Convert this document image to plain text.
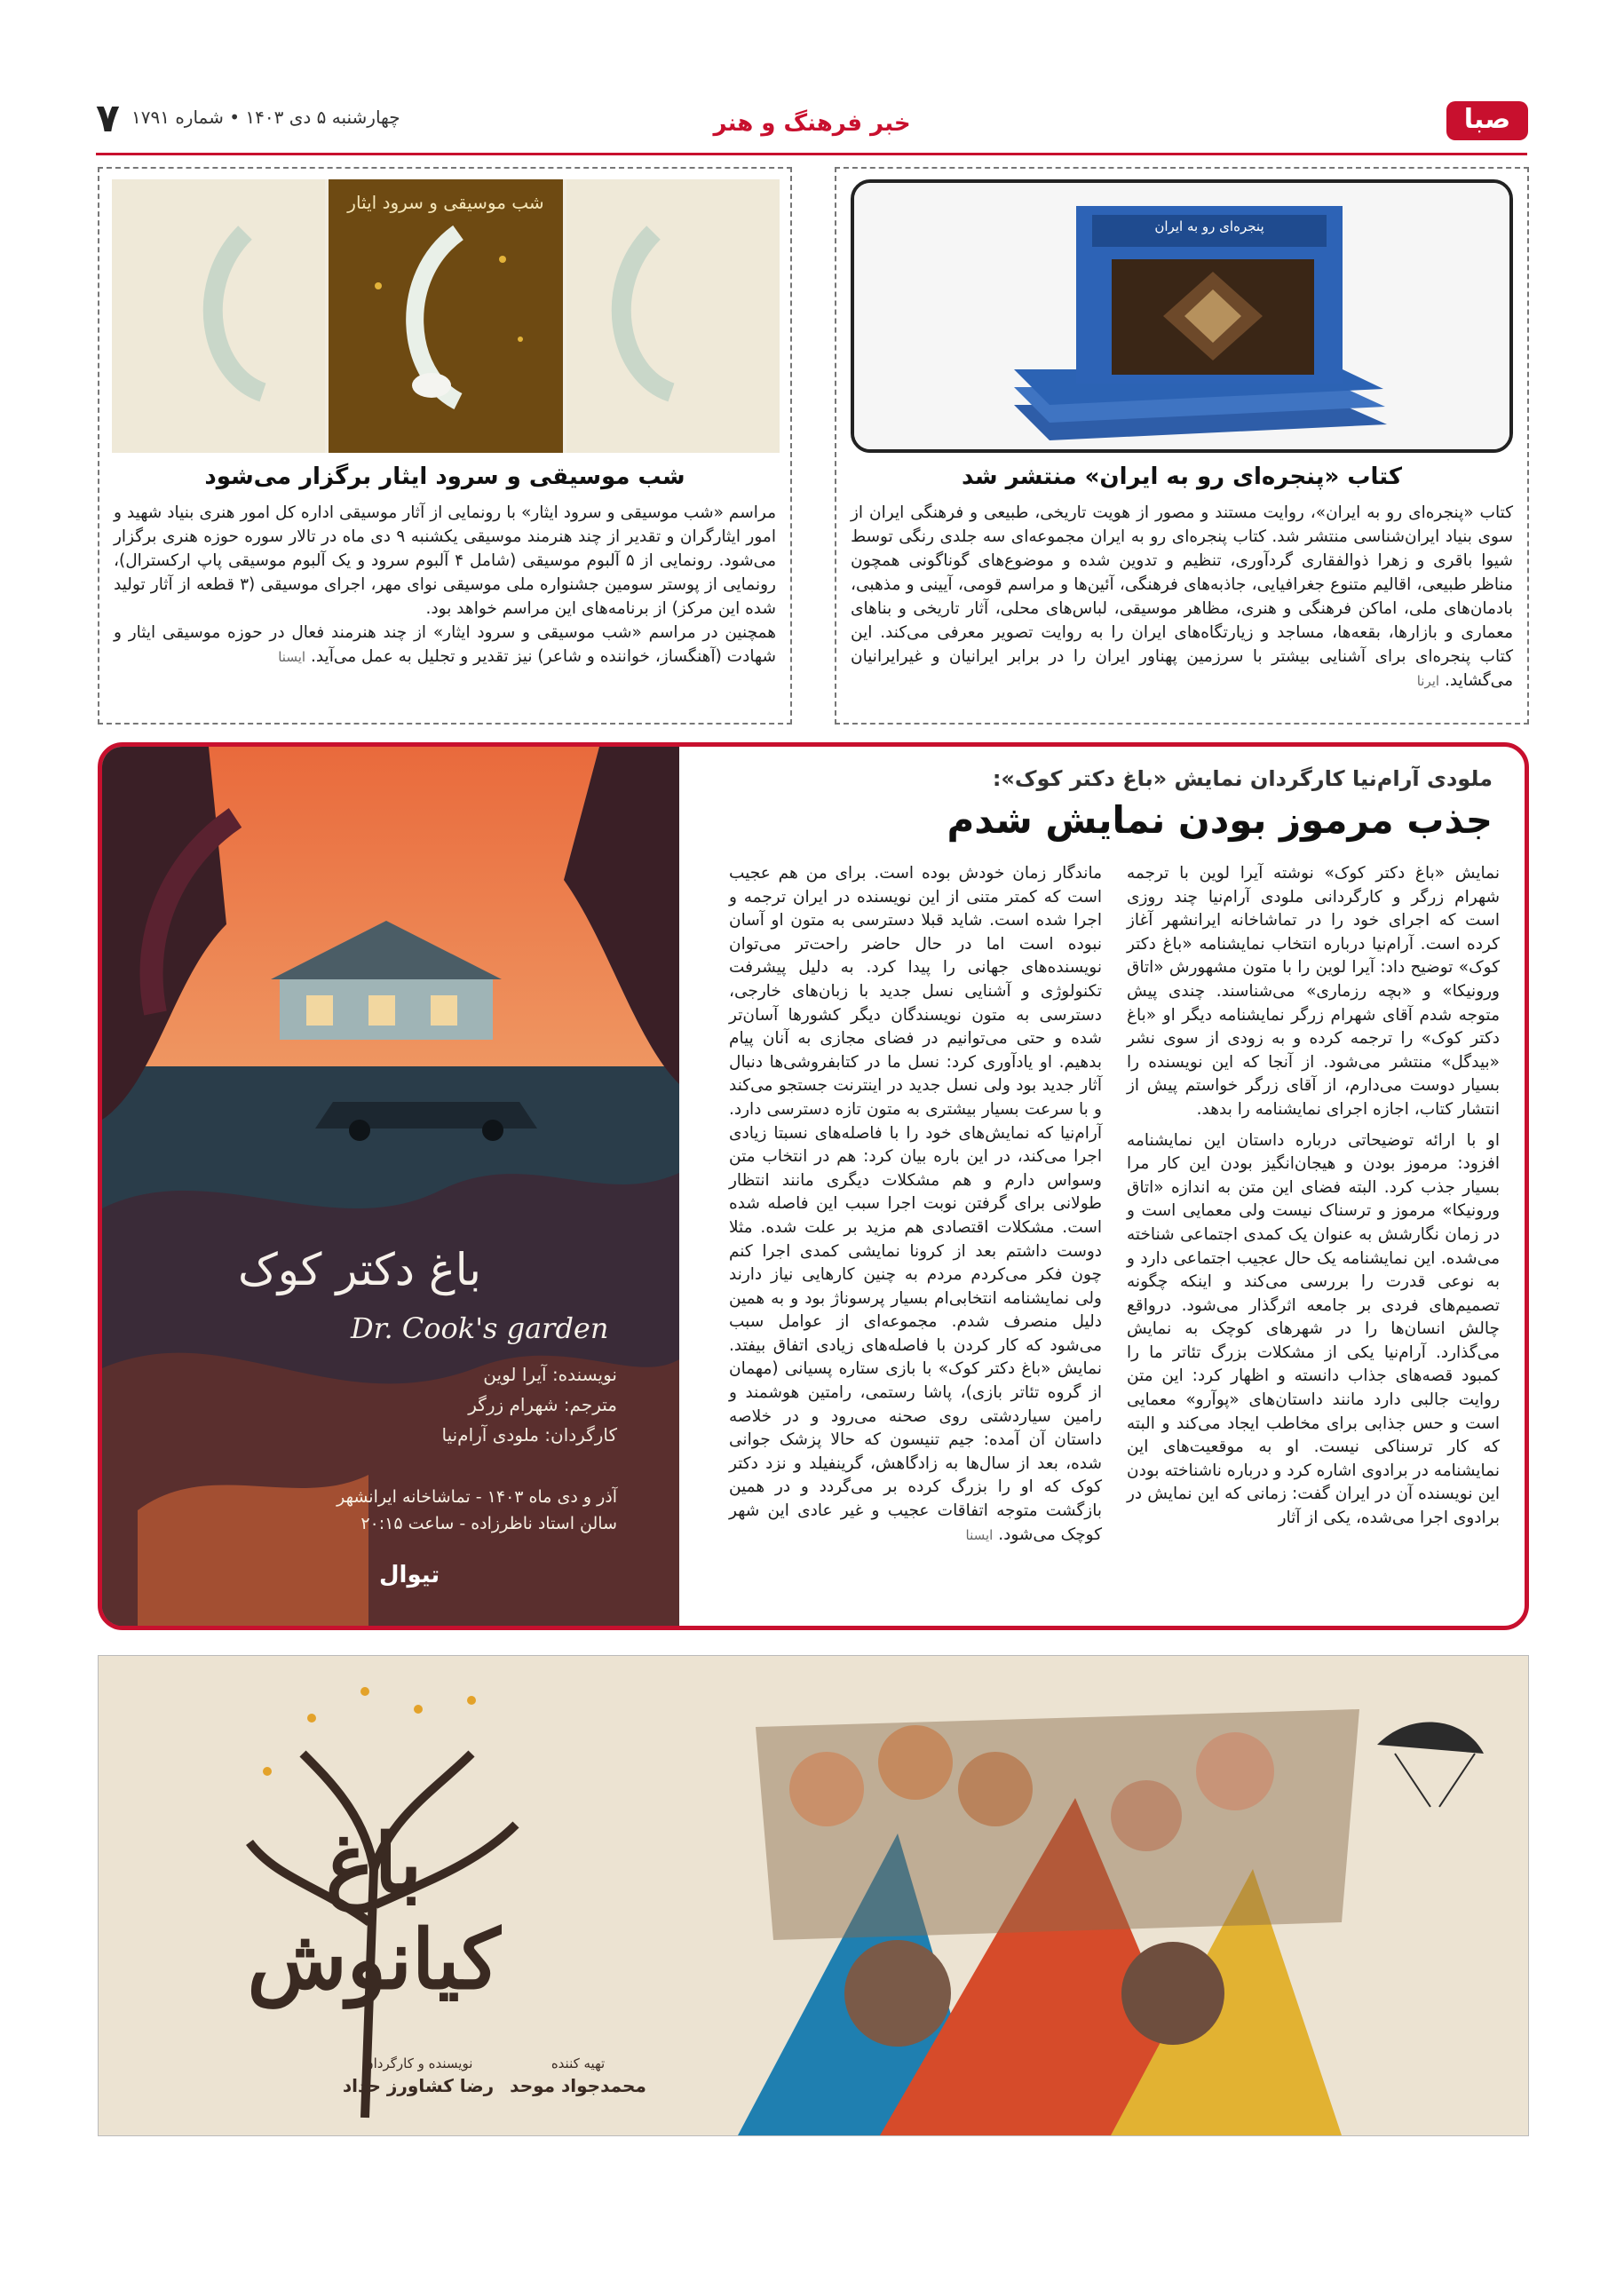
صبا
خبر فرهنگ و هنر
چهارشنبه ۵ دی ۱۴۰۳ • شماره ۱۷۹۱
۷
پنجره‌ای رو به ایران
کتاب «پنجره‌ای رو به ایران» منتشر شد
کتاب «پنجره‌ای رو به ایران»، روایت مستند و مصور از هویت تاریخی، طبیعی و فرهنگی ایران از سوی بنیاد ایران‌شناسی منتشر شد. کتاب پنجره‌ای رو به ایران مجموعه‌ای سه جلدی رنگی توسط شیوا باقری و زهرا ذوالفقاری گردآوری، تنظیم و تدوین شده و موضوع‌های گوناگونی همچون مناظر طبیعی، اقالیم متنوع جغرافیایی، جاذبه‌های فرهنگی، آئین‌ها و مراسم قومی، آیینی و مذهبی، بادمان‌های ملی، اماکن فرهنگی و هنری، مظاهر موسیقی، لباس‌های محلی، آثار تاریخی و بناهای معماری و بازارها، بقعه‌ها، مساجد و زیارتگاه‌های ایران را به روایت تصویر معرفی می‌کند. این کتاب پنجره‌ای برای آشنایی بیشتر با سرزمین پهناور ایران را در برابر ایرانیان و غیرایرانیان می‌گشاید. ایرنا
شب موسیقی و سرود ایثار
شب موسیقی و سرود ایثار برگزار می‌شود
مراسم «شب موسیقی و سرود ایثار» با رونمایی از آثار موسیقی اداره کل امور هنری بنیاد شهید و امور ایثارگران و تقدیر از چند هنرمند موسیقی یکشنبه ۹ دی ماه در تالار سوره حوزه هنری برگزار می‌شود. رونمایی از ۵ آلبوم موسیقی (شامل ۴ آلبوم سرود و یک آلبوم موسیقی پاپ ارکسترال)، رونمایی از پوستر سومین جشنواره ملی موسیقی نوای مهر، اجرای موسیقی (۳ قطعه از آثار تولید شده این مرکز) از برنامه‌های این مراسم خواهد بود.
همچنین در مراسم «شب موسیقی و سرود ایثار» از چند هنرمند فعال در حوزه موسیقی ایثار و شهادت (آهنگساز، خواننده و شاعر) نیز تقدیر و تجلیل به عمل می‌آید. ایسنا
باغ دکتر کوک
Dr. Cook's garden
نویسنده: آیرا لوین
مترجم: شهرام زرگر
کارگردان: ملودی آرام‌نیا
آذر و دی ماه ۱۴۰۳ - تماشاخانه ایرانشهر
سالن استاد ناظرزاده - ساعت ۲۰:۱۵
تیوال
ملودی آرام‌نیا کارگردان نمایش «باغ دکتر کوک»:
جذب مرموز بودن نمایش شدم

نمایش «باغ دکتر کوک» نوشته آیرا لوین با ترجمه شهرام زرگر و کارگردانی ملودی آرام‌نیا چند روزی است که اجرای خود را در تماشاخانه ایرانشهر آغاز کرده است. آرام‌نیا درباره انتخاب نمایشنامه «باغ دکتر کوک» توضیح داد: آیرا لوین را با متون مشهورش «اتاق ورونیکا» و «بچه رزماری» می‌شناسند. چندی پیش متوجه شدم آقای شهرام زرگر نمایشنامه دیگر او «باغ دکتر کوک» را ترجمه کرده و به زودی از سوی نشر «بیدگل» منتشر می‌شود. از آنجا که این نویسنده را بسیار دوست می‌دارم، از آقای زرگر خواستم پیش از انتشار کتاب، اجازه اجرای نمایشنامه را بدهد.

او با ارائه توضیحاتی درباره داستان این نمایشنامه افزود: مرموز بودن و هیجان‌انگیز بودن این کار مرا بسیار جذب کرد. البته فضای این متن به اندازه «اتاق ورونیکا» مرموز و ترسناک نیست ولی معمایی است و در زمان نگارشش به عنوان یک کمدی اجتماعی شناخته می‌شده. این نمایشنامه یک حال عجیب اجتماعی دارد و به نوعی قدرت را بررسی می‌کند و اینکه چگونه تصمیم‌های فردی بر جامعه اثرگذار می‌شود. درواقع چالش انسان‌ها را در شهرهای کوچک به نمایش می‌گذارد. آرام‌نیا یکی از مشکلات بزرگ تئاتر ما را کمبود قصه‌های جذاب دانسته و اظهار کرد: این متن روایت جالبی دارد مانند داستان‌های «پوآرو» معمایی است و حس جذابی برای مخاطب ایجاد می‌کند و البته که کار ترسناکی نیست. او به موقعیت‌های این نمایشنامه در برادوی اشاره کرد و درباره ناشناخته بودن این نویسنده آن در ایران گفت: زمانی که این نمایش در برادوی اجرا می‌شده، یکی از آثار

ماندگار زمان خودش بوده است. برای من هم عجیب است که کمتر متنی از این نویسنده در ایران ترجمه و اجرا شده است. شاید قبلا دسترسی به متون او آسان نبوده است اما در حال حاضر راحت‌تر می‌توان نویسنده‌های جهانی را پیدا کرد. به دلیل پیشرفت تکنولوژی و آشنایی نسل جدید با زبان‌های خارجی، دسترسی به متون نویسندگان دیگر کشورها آسان‌تر شده و حتی می‌توانیم در فضای مجازی به آنان پیام بدهیم. او یادآوری کرد: نسل ما در کتابفروشی‌ها دنبال آثار جدید بود ولی نسل جدید در اینترنت جستجو می‌کند و با سرعت بسیار بیشتری به متون تازه دسترسی دارد. آرام‌نیا که نمایش‌های خود را با فاصله‌های نسبتا زیادی اجرا می‌کند، در این باره بیان کرد: هم در انتخاب متن وسواس دارم و هم مشکلات دیگری مانند انتظار طولانی برای گرفتن نوبت اجرا سبب این فاصله شده است. مشکلات اقتصادی هم مزید بر علت شده. مثلا دوست داشتم بعد از کرونا نمایشی کمدی اجرا کنم چون فکر می‌کردم مردم به چنین کارهایی نیاز دارند ولی نمایشنامه انتخابی‌ام بسیار پرسوناژ بود و به همین دلیل منصرف شدم. مجموعه‌ای از عوامل سبب می‌شود که کار کردن با فاصله‌های زیادی اتفاق بیفتد. نمایش «باغ دکتر کوک» با بازی ستاره پسیانی (مهمان از گروه تئاتر بازی)، پاشا رستمی، رامتین هوشمند و رامین سیاردشتی روی صحنه می‌رود و در خلاصه داستان آن آمده: جیم تنیسون که حالا پزشک جوانی شده، بعد از سال‌ها به زادگاهش، گرینفیلد و نزد دکتر کوک که او را بزرگ کرده بر می‌گردد و در همین بازگشت متوجه اتفاقات عجیب و غیر عادی این شهر کوچک می‌شود. ایسنا
باغ کیانوش
نویسنده و کارگردان
رضا کشاورز حداد
تهیه کننده
محمدجواد موحد
